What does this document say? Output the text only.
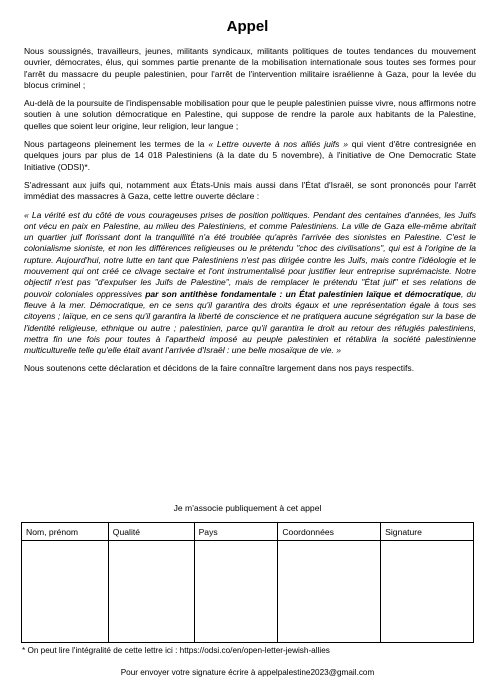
Appel

Nous soussignés, travailleurs, jeunes, militants syndicaux, militants politiques de toutes tendances du mouvement ouvrier, démocrates, élus, qui sommes partie prenante de la mobilisation internationale sous toutes ses formes pour l'arrêt du massacre du peuple palestinien, pour l'arrêt de l'intervention militaire israélienne à Gaza, pour la levée du blocus criminel ;

Au-delà de la poursuite de l'indispensable mobilisation pour que le peuple palestinien puisse vivre, nous affirmons notre soutien à une solution démocratique en Palestine, qui suppose de rendre la parole aux habitants de la Palestine, quelles que soient leur origine, leur religion, leur langue ;

Nous partageons pleinement les termes de la « Lettre ouverte à nos alliés juifs » qui vient d'être contresignée en quelques jours par plus de 14 018 Palestiniens (à la date du 5 novembre), à l'initiative de One Democratic State Initiative (ODSI)*.

S'adressant aux juifs qui, notamment aux États-Unis mais aussi dans l'État d'Israël, se sont prononcés pour l'arrêt immédiat des massacres à Gaza, cette lettre ouverte déclare :

« La vérité est du côté de vous courageuses prises de position politiques. Pendant des centaines d'années, les Juifs ont vécu en paix en Palestine, au milieu des Palestiniens, et comme Palestiniens. La ville de Gaza elle-même abritait un quartier juif florissant dont la tranquillité n'a été troublée qu'après l'arrivée des sionistes en Palestine. C'est le colonialisme sioniste, et non les différences religieuses ou le prétendu "choc des civilisations", qui est à l'origine de la rupture. Aujourd'hui, notre lutte en tant que Palestiniens n'est pas dirigée contre les Juifs, mais contre l'idéologie et le mouvement qui ont créé ce clivage sectaire et l'ont instrumentalisé pour justifier leur entreprise suprémaciste. Notre objectif n'est pas "d'expulser les Juifs de Palestine", mais de remplacer le prétendu "État juif" et ses relations de pouvoir coloniales oppressives par son antithèse fondamentale : un État palestinien laïque et démocratique, du fleuve à la mer. Démocratique, en ce sens qu'il garantira des droits égaux et une représentation égale à tous ses citoyens ; laïque, en ce sens qu'il garantira la liberté de conscience et ne pratiquera aucune ségrégation sur la base de l'identité religieuse, ethnique ou autre ; palestinien, parce qu'il garantira le droit au retour des réfugiés palestiniens, mettra fin une fois pour toutes à l'apartheid imposé au peuple palestinien et rétablira la société palestinienne multiculturelle telle qu'elle était avant l'arrivée d'Israël : une belle mosaïque de vie. »

Nous soutenons cette déclaration et décidons de la faire connaître largement dans nos pays respectifs.

Je m'associe publiquement à cet appel
Nom, prénom	Qualité	Pays	Coordonnées	Signature

* On peut lire l'intégralité de cette lettre ici : https://odsi.co/en/open-letter-jewish-allies
Pour envoyer votre signature écrire à appelpalestine2023@gmail.com
